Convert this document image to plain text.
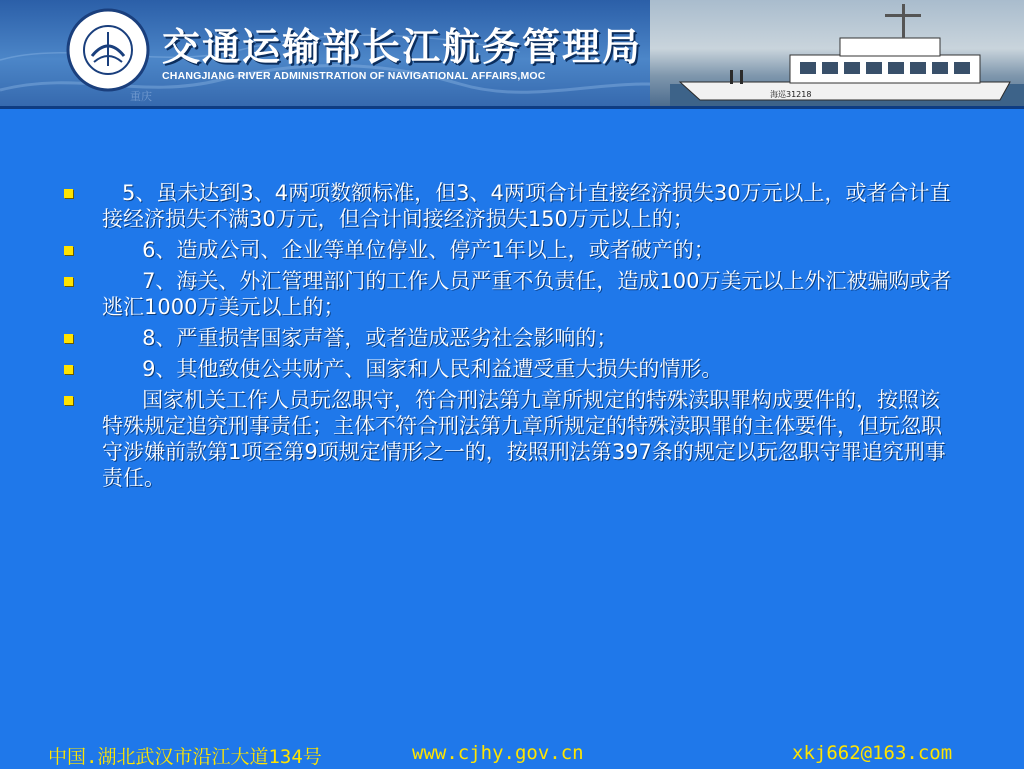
重庆	海巡31218
交通运输部长江航务管理局
CHANGJIANG RIVER ADMINISTRATION OF NAVIGATIONAL AFFAIRS,MOC
5、虽未达到3、4两项数额标准，但3、4两项合计直接经济损失30万元以上，或者合计直接经济损失不满30万元，但合计间接经济损失150万元以上的；
6、造成公司、企业等单位停业、停产1年以上，或者破产的；
7、海关、外汇管理部门的工作人员严重不负责任，造成100万美元以上外汇被骗购或者逃汇1000万美元以上的；
8、严重损害国家声誉，或者造成恶劣社会影响的；
9、其他致使公共财产、国家和人民利益遭受重大损失的情形。
国家机关工作人员玩忽职守，符合刑法第九章所规定的特殊渎职罪构成要件的，按照该特殊规定追究刑事责任；主体不符合刑法第九章所规定的特殊渎职罪的主体要件，但玩忽职守涉嫌前款第1项至第9项规定情形之一的，按照刑法第397条的规定以玩忽职守罪追究刑事责任。
中国.湖北武汉市沿江大道134号	www.cjhy.gov.cn	xkj662@163.com
